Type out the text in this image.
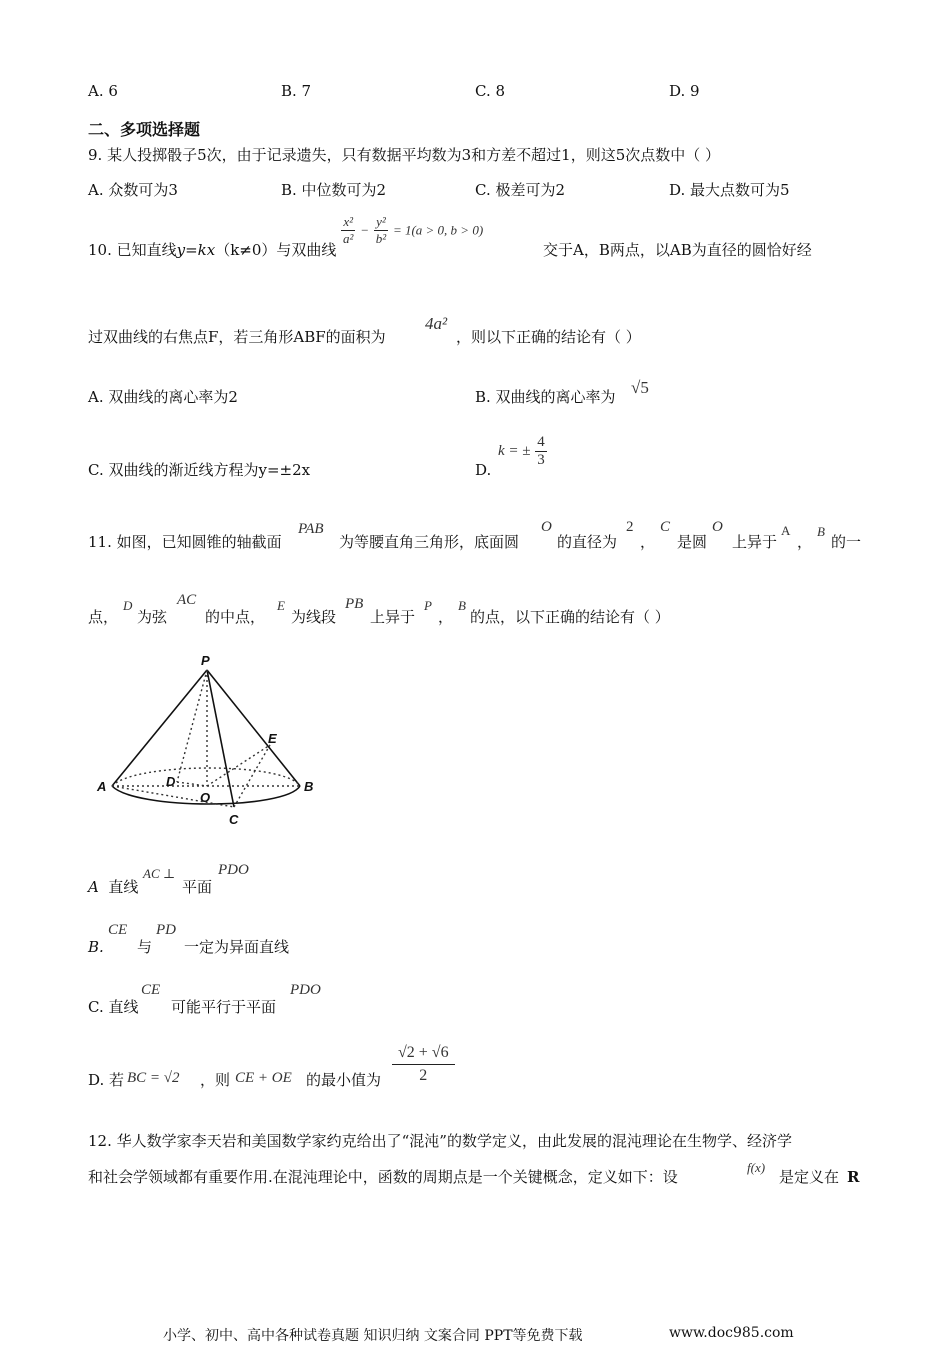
A. 6	B. 7	C. 8	D. 9
二、多项选择题
9. 某人投掷骰子5次，由于记录遗失，只有数据平均数为3和方差不超过1，则这5次点数中（ ）
A. 众数可为3	B. 中位数可为2	C. 极差可为2	D. 最大点数可为5
10. 已知直线y=kx（k≠0）与双曲线
$\frac{\text{x²}}{\text{a²}} - \frac{\text{y²}}{\text{b²}} = 1(a > 0$, b > 0)
交于A，B两点，以AB为直径的圆恰好经
过双曲线的右焦点F，若三角形ABF的面积为
4a²
，则以下正确的结论有（ ）
A. 双曲线的离心率为2	B. 双曲线的离心率为 √5
C. 双曲线的渐近线方程为y=±2x	D.
k = ± $\frac{4}{3}$
11. 如图，已知圆锥的轴截面
PAB
为等腰直角三角形，底面圆
O
的直径为
2
，
C
是圆
O
上异于
A
，
B
的一
点，
D
为弦
AC
的中点，
E
为线段
PB
上异于
P
，
B
的点，以下正确的结论有（ ）
P
A	B
C
D
O
E
A 直线
AC ⊥
平面
PDO
B.
CE
与
PD
一定为异面直线
C. 直线
CE
可能平行于平面
PDO
D. 若 BC = √2 ，则 CE + OE 的最小值为 $\frac{√2 + √6}{2}$
12. 华人数学家李天岩和美国数学家约克给出了“混沌”的数学定义，由此发展的混沌理论在生物学、经济学
和社会学领域都有重要作用.在混沌理论中，函数的周期点是一个关键概念，定义如下：设
f(x)
是定义在 R
小学、初中、高中各种试卷真题 知识归纳 文案合同 PPT等免费下载	www.doc985.com
